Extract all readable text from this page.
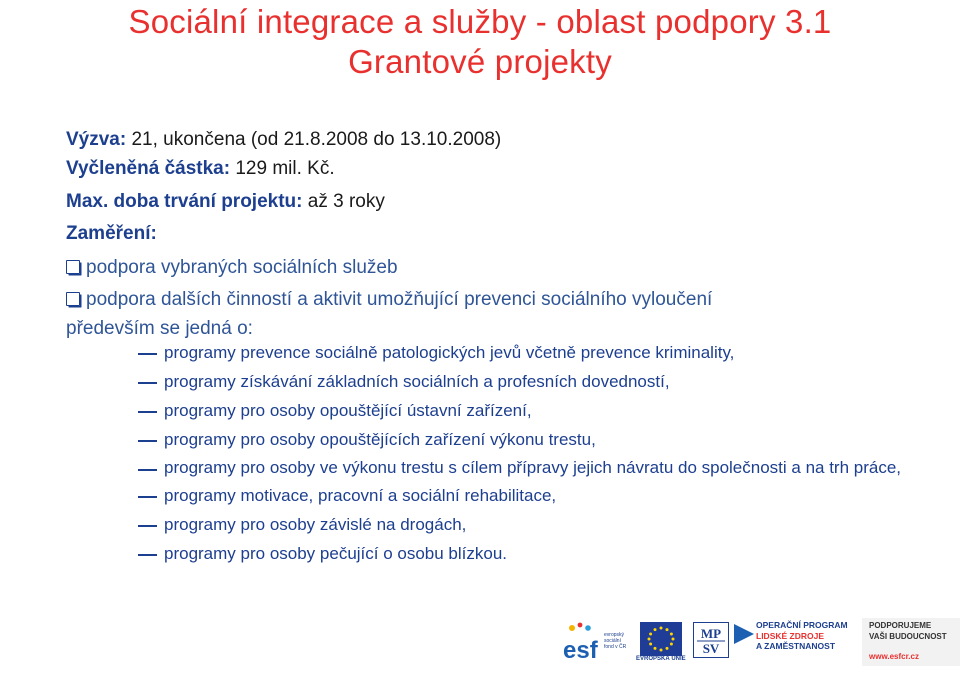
Sociální integrace a služby - oblast podpory 3.1
Grantové projekty
Výzva: 21, ukončena (od 21.8.2008 do 13.10.2008)
Vyčleněná částka: 129 mil. Kč.
Max. doba trvání projektu: až 3 roky
Zaměření:
podpora vybraných sociálních služeb
podpora dalších činností a aktivit umožňující prevenci sociálního vyloučení
především se jedná o:
programy prevence sociálně patologických jevů včetně prevence kriminality,
programy získávání základních sociálních a profesních dovedností,
programy pro osoby opouštějící ústavní zařízení,
programy pro osoby opouštějících zařízení výkonu trestu,
programy pro osoby ve výkonu trestu s cílem přípravy jejich návratu do společnosti a na trh práce,
programy motivace, pracovní a sociální rehabilitace,
programy pro osoby závislé na drogách,
programy pro osoby pečující o osobu blízkou.
esf
evropský
sociální
fond v ČR
EVROPSKÁ UNIE
MP
SV
OPERAČNÍ PROGRAM
LIDSKÉ ZDROJE
A ZAMĚSTNANOST
PODPORUJEME
VAŠI BUDOUCNOST
www.esfcr.cz
